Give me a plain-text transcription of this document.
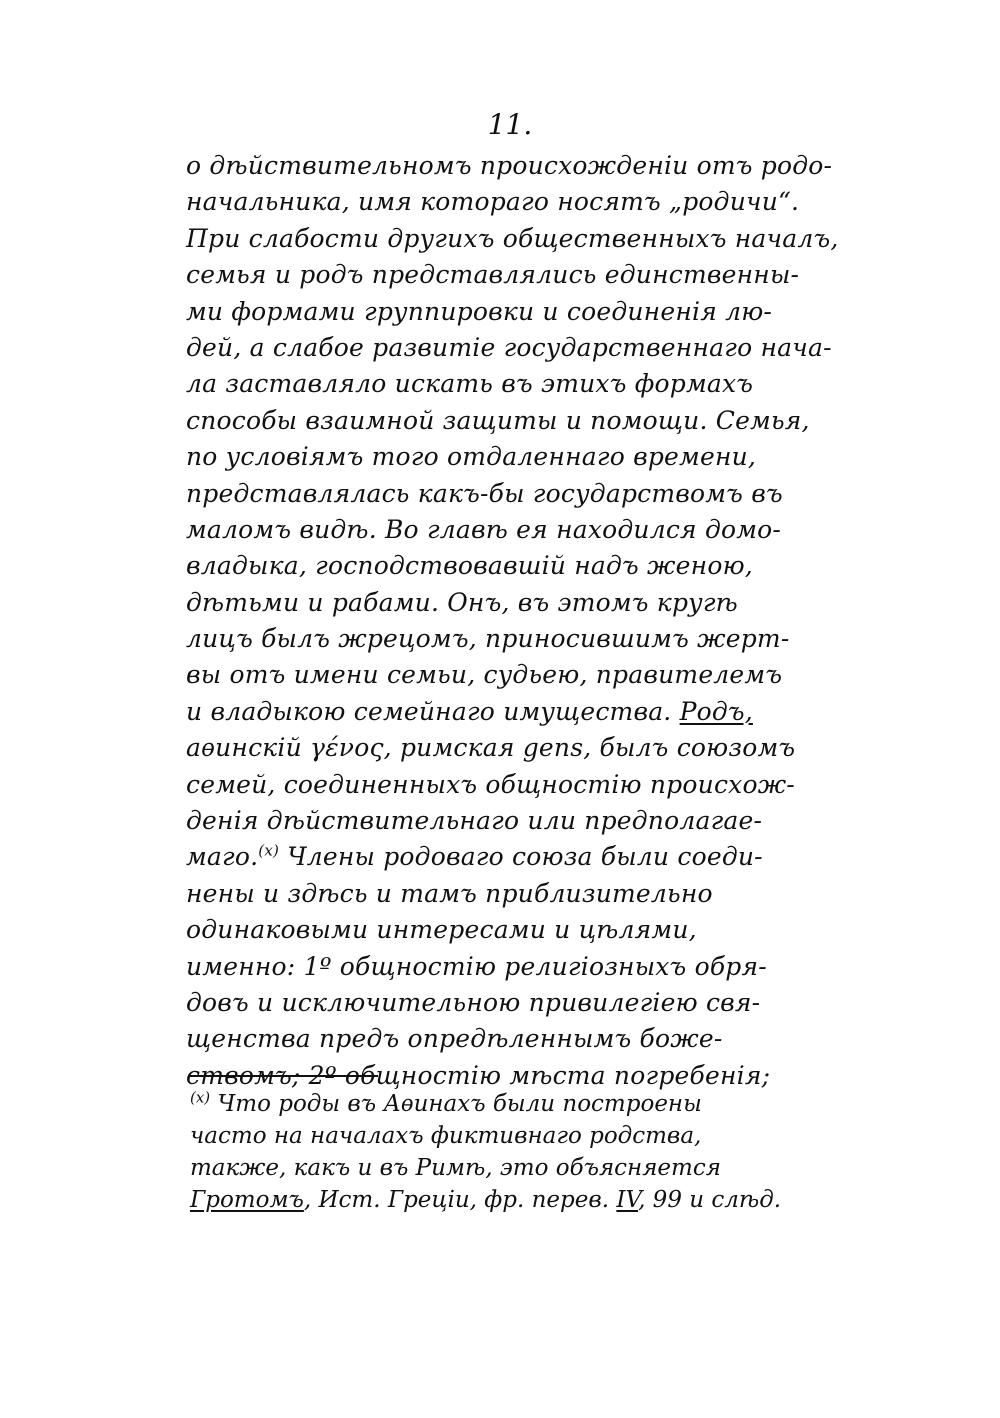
11.
о дѣйствительномъ происхожденіи отъ родо-
начальника, имя котораго носятъ „родичи“.
При слабости другихъ общественныхъ началъ,
семья и родъ представлялись единственны-
ми формами группировки и соединенія лю-
дей, а слабое развитіе государственнаго нача-
ла заставляло искать въ этихъ формахъ
способы взаимной защиты и помощи. Семья,
по условіямъ того отдаленнаго времени,
представлялась какъ-бы государствомъ въ
маломъ видѣ. Во главѣ ея находился домо-
владыка, господствовавшій надъ женою,
дѣтьми и рабами. Онъ, въ этомъ кругѣ
лицъ былъ жрецомъ, приносившимъ жерт-
вы отъ имени семьи, судьею, правителемъ
и владыкою семейнаго имущества. Родъ,
аѳинскій γένος, римская gens, былъ союзомъ
семей, соединенныхъ общностію происхож-
денія дѣйствительнаго или предполагае-
маго.$^{(x)}$ Члены родоваго союза были соеди-
нены и здѣсь и тамъ приблизительно
одинаковыми интересами и цѣлями,
именно: 1º общностію религіозныхъ обря-
довъ и исключительною привилегіею свя-
щенства предъ опредѣленнымъ боже-
ствомъ; 2º общностію мѣста погребенія;
$^{(x)}$ Что роды въ Аѳинахъ были построены
часто на началахъ фиктивнаго родства,
также, какъ и въ Римѣ, это объясняется
Гротомъ, Ист. Греціи, фр. перев. IV, 99 и слѣд.
